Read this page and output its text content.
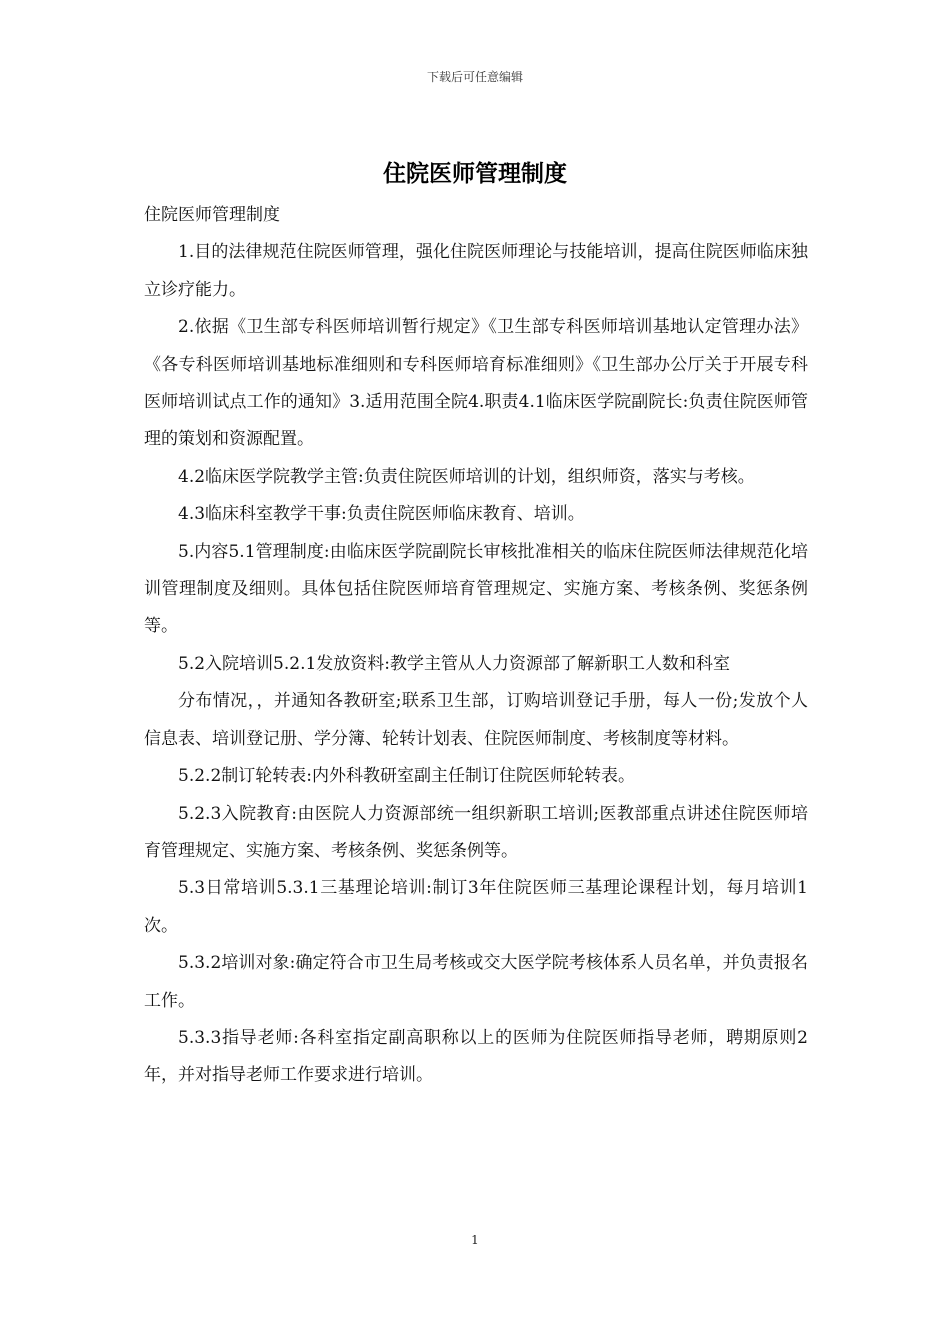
下载后可任意编辑
住院医师管理制度

住院医师管理制度

1.目的法律规范住院医师管理，强化住院医师理论与技能培训，提高住院医师临床独立诊疗能力。

2.依据《卫生部专科医师培训暂行规定》《卫生部专科医师培训基地认定管理办法》《各专科医师培训基地标准细则和专科医师培育标准细则》《卫生部办公厅关于开展专科医师培训试点工作的通知》3.适用范围全院4.职责4.1临床医学院副院长:负责住院医师管理的策划和资源配置。

4.2临床医学院教学主管:负责住院医师培训的计划，组织师资，落实与考核。

4.3临床科室教学干事:负责住院医师临床教育、培训。

5.内容5.1管理制度:由临床医学院副院长审核批准相关的临床住院医师法律规范化培训管理制度及细则。具体包括住院医师培育管理规定、实施方案、考核条例、奖惩条例等。

5.2入院培训5.2.1发放资料:教学主管从人力资源部了解新职工人数和科室

分布情况，，并通知各教研室;联系卫生部，订购培训登记手册，每人一份;发放个人信息表、培训登记册、学分簿、轮转计划表、住院医师制度、考核制度等材料。

5.2.2制订轮转表:内外科教研室副主任制订住院医师轮转表。

5.2.3入院教育:由医院人力资源部统一组织新职工培训;医教部重点讲述住院医师培育管理规定、实施方案、考核条例、奖惩条例等。

5.3日常培训5.3.1三基理论培训:制订3年住院医师三基理论课程计划，每月培训1次。

5.3.2培训对象:确定符合市卫生局考核或交大医学院考核体系人员名单，并负责报名工作。

5.3.3指导老师:各科室指定副高职称以上的医师为住院医师指导老师，聘期原则2年，并对指导老师工作要求进行培训。

1
